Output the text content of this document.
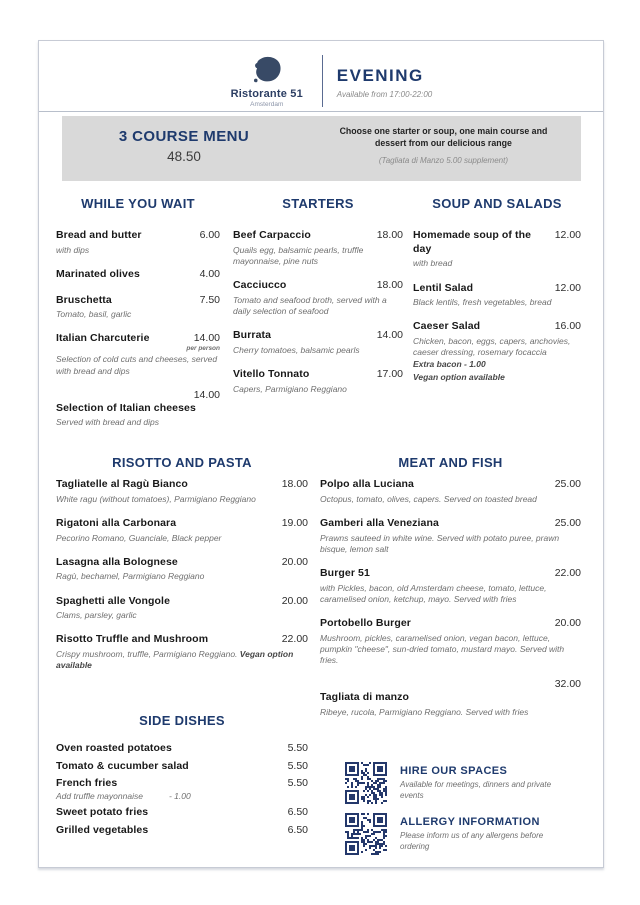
Ristorante 51
Amsterdam
EVENING
Available from 17:00-22:00
3 COURSE MENU
48.50
Choose one starter or soup, one main course and dessert from our delicious range
(Tagliata di Manzo 5.00 supplement)
WHILE YOU WAIT
Bread and butter	6.00
with dips
Marinated olives	4.00
Bruschetta	7.50
Tomato, basil, garlic
Italian Charcuterie	14.00
per person
Selection of cold cuts and cheeses, served with bread and dips
14.00
Selection of Italian cheeses
Served with bread and dips
STARTERS
Beef Carpaccio	18.00
Quails egg, balsamic pearls, truffle mayonnaise, pine nuts
Cacciucco	18.00
Tomato and seafood broth, served with a daily selection of seafood
Burrata	14.00
Cherry tomatoes, balsamic pearls
Vitello Tonnato	17.00
Capers, Parmigiano Reggiano
SOUP AND SALADS
Homemade soup of the day
12.00
with bread
Lentil Salad	12.00
Black lentils, fresh vegetables, bread
Caeser Salad	16.00
Chicken, bacon, eggs, capers, anchovies, caeser dressing, rosemary focaccia
Extra bacon - 1.00
Vegan option available
RISOTTO AND PASTA
Tagliatelle al Ragù Bianco	18.00
White ragu (without tomatoes), Parmigiano Reggiano
Rigatoni alla Carbonara	19.00
Pecorino Romano, Guanciale, Black pepper
Lasagna alla Bolognese	20.00
Ragù, bechamel, Parmigiano Reggiano
Spaghetti alle Vongole	20.00
Clams, parsley, garlic
Risotto Truffle and Mushroom	22.00
Crispy mushroom, truffle, Parmigiano Reggiano. Vegan option available
MEAT AND FISH
Polpo alla Luciana	25.00
Octopus, tomato, olives, capers. Served on toasted bread
Gamberi alla Veneziana	25.00
Prawns sauteed in white wine. Served with potato puree, prawn bisque, lemon salt
Burger 51	22.00
with Pickles, bacon, old Amsterdam cheese, tomato, lettuce, caramelised onion, ketchup, mayo. Served with fries
Portobello Burger	20.00
Mushroom, pickles, caramelised onion, vegan bacon, lettuce, pumpkin "cheese", sun-dried tomato, mustard mayo. Served with fries.
32.00
Tagliata di manzo
Ribeye, rucola, Parmigiano Reggiano. Served with fries
SIDE DISHES
Oven roasted potatoes	5.50
Tomato & cucumber salad	5.50
French fries	5.50
Add truffle mayonnaise	- 1.00
Sweet potato fries	6.50
Grilled vegetables	6.50
HIRE OUR SPACES
Available for meetings, dinners and private events
ALLERGY INFORMATION
Please inform us of any allergens before ordering
